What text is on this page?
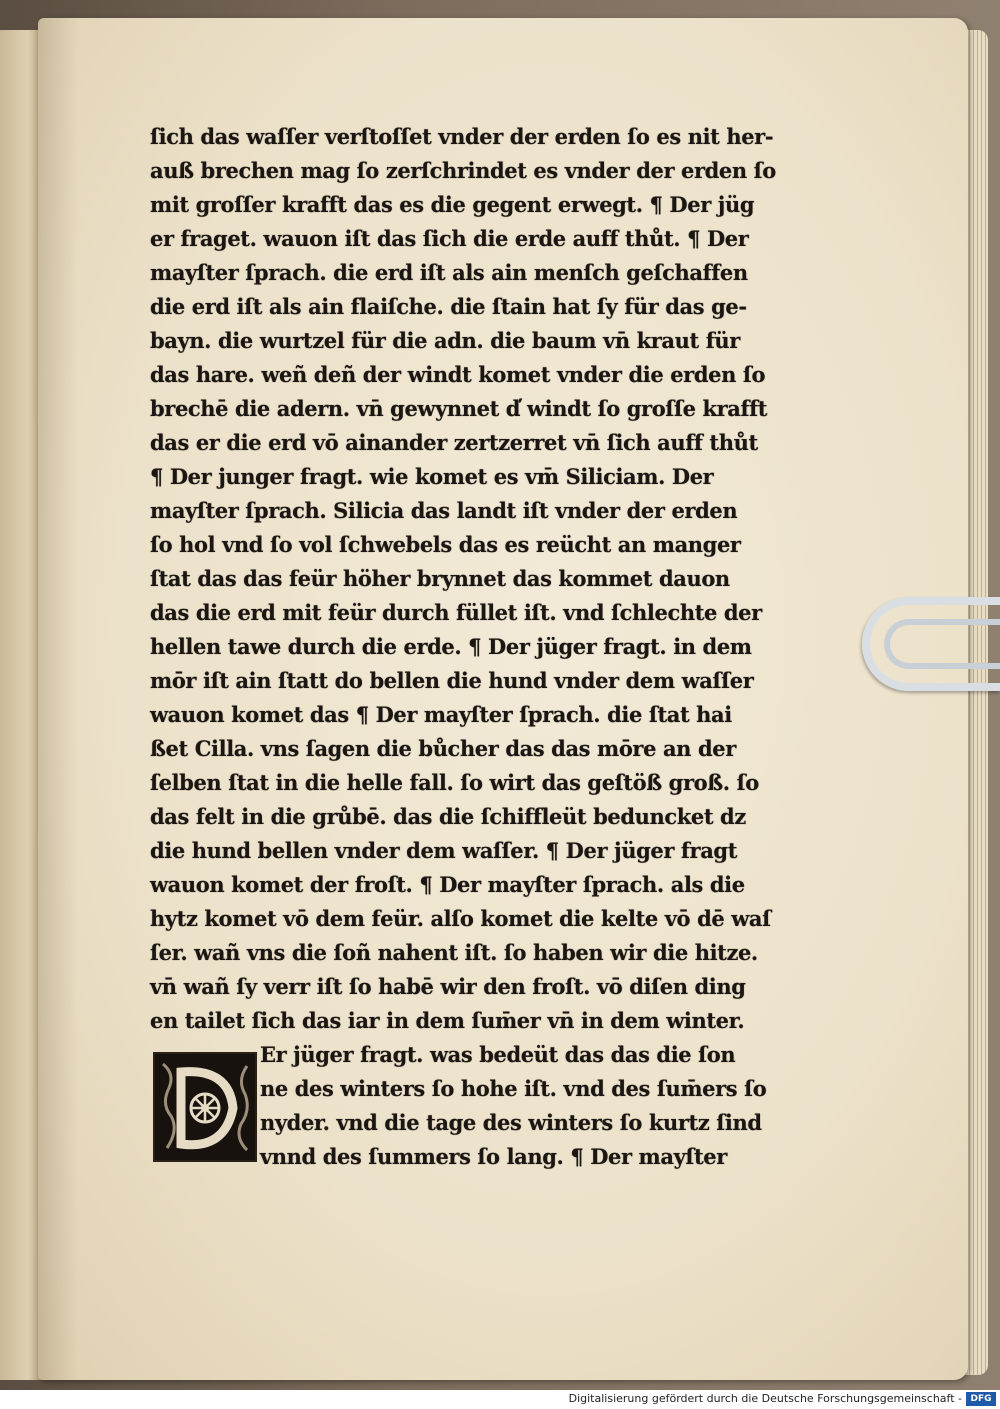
ſich das waſſer verſtoſſet vnder der erden ſo es nit her-
auß brechen mag ſo zerſchrindet es vnder der erden ſo
mit groſſer krafft das es die gegent erwegt. ¶ Der jüg
er fraget. wauon iſt das ſich die erde auff thůt. ¶ Der
mayſter ſprach. die erd iſt als ain menſch geſchaffen
die erd iſt als ain flaiſche. die ſtain hat ſy für das ge-
bayn. die wurtzel für die adn. die baum vn̄ kraut für
das hare. weñ deñ der windt komet vnder die erden ſo
brechē die adern. vn̄ gewynnet d̕ windt ſo groſſe krafft
das er die erd vō ainander zertzerret vn̄ ſich auff thůt
¶ Der junger fragt. wie komet es vm̄ Siliciam. Der
mayſter ſprach. Silicia das landt iſt vnder der erden
ſo hol vnd ſo vol ſchwebels das es reücht an manger
ſtat das das feür höher brynnet das kommet dauon
das die erd mit feür durch füllet iſt. vnd ſchlechte der
hellen tawe durch die erde. ¶ Der jüger fragt. in dem
mōr iſt ain ſtatt do bellen die hund vnder dem waſſer
wauon komet das ¶ Der mayſter ſprach. die ſtat hai
ßet Cilla. vns ſagen die bůcher das das mōre an der
ſelben ſtat in die helle fall. ſo wirt das geſtöß groß. ſo
das felt in die grůbē. das die ſchiffleüt beduncket dz
die hund bellen vnder dem waſſer. ¶ Der jüger fragt
wauon komet der froſt. ¶ Der mayſter ſprach. als die
hytz komet vō dem feür. alſo komet die kelte vō dē waſ
ſer. wañ vns die ſoñ nahent iſt. ſo haben wir die hitze.
vn̄ wañ ſy verr iſt ſo habē wir den froſt. vō diſen ding
en tailet ſich das iar in dem ſum̄er vn̄ in dem winter.
Er jüger fragt. was bedeüt das das die ſon
ne des winters ſo hohe iſt. vnd des ſum̄ers ſo
nyder. vnd die tage des winters ſo kurtz ſind
vnnd des ſummers ſo lang. ¶ Der mayſter
Digitalisierung gefördert durch die Deutsche Forschungsgemeinschaft - DFG
